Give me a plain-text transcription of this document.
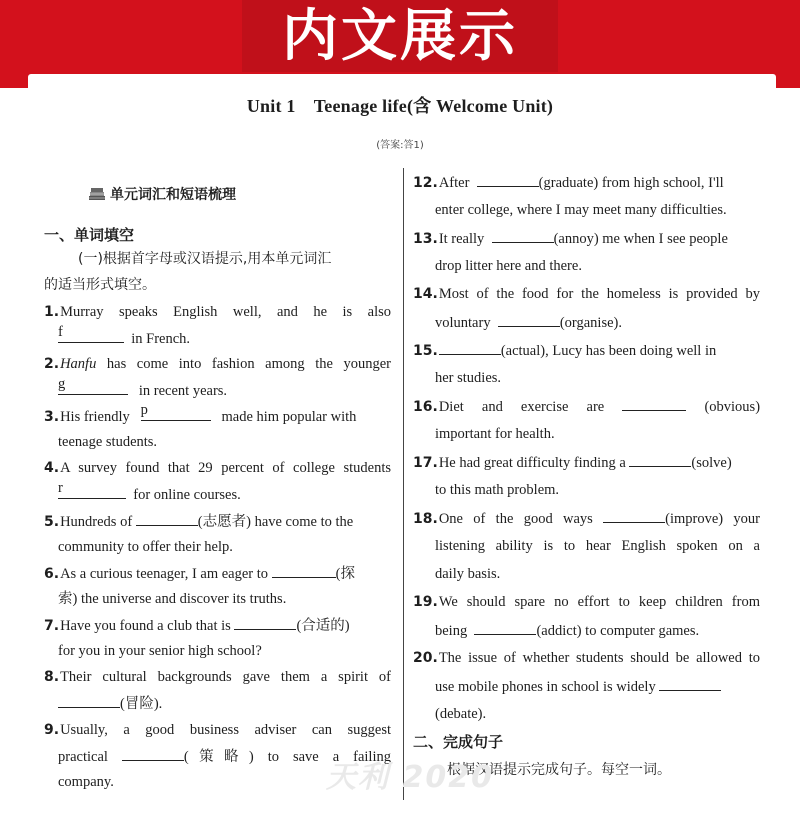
内文展示
Unit 1　Teenage life(含 Welcome Unit)
(答案:答1)
单元词汇和短语梳理
一、单词填空
(一)根据首字母或汉语提示,用本单元词汇
的适当形式填空。
1.Murray speaks English well, and he is also
f	in French.
2.Hanfu has come into fashion among the younger
g	in recent years.
3.His friendly p	made him popular with
teenage students.
4.A survey found that 29 percent of college students
r	for online courses.
5.Hundreds of	(志愿者) have come to the
community to offer their help.
6.As a curious teenager, I am eager to	(探
索) the universe and discover its truths.
7.Have you found a club that is	(合适的)
for you in your senior high school?
8.Their cultural backgrounds gave them a spirit of
(冒险).
9.Usually, a good business adviser can suggest
practical	(策略) to save a failing
company.
12.After	(graduate) from high school, I'll
enter college, where I may meet many difficulties.
13.It really	(annoy) me when I see people
drop litter here and there.
14.Most of the food for the homeless is provided by
voluntary	(organise).
15.	(actual), Lucy has been doing well in
her studies.
16.Diet and exercise are	(obvious)
important for health.
17.He had great difficulty finding a	(solve)
to this math problem.
18.One of the good ways	(improve) your
listening ability is to hear English spoken on a
daily basis.
19.We should spare no effort to keep children from
being	(addict) to computer games.
20.The issue of whether students should be allowed to
use mobile phones in school is widely
(debate).
二、完成句子
根据汉语提示完成句子。每空一词。
天利 2020
